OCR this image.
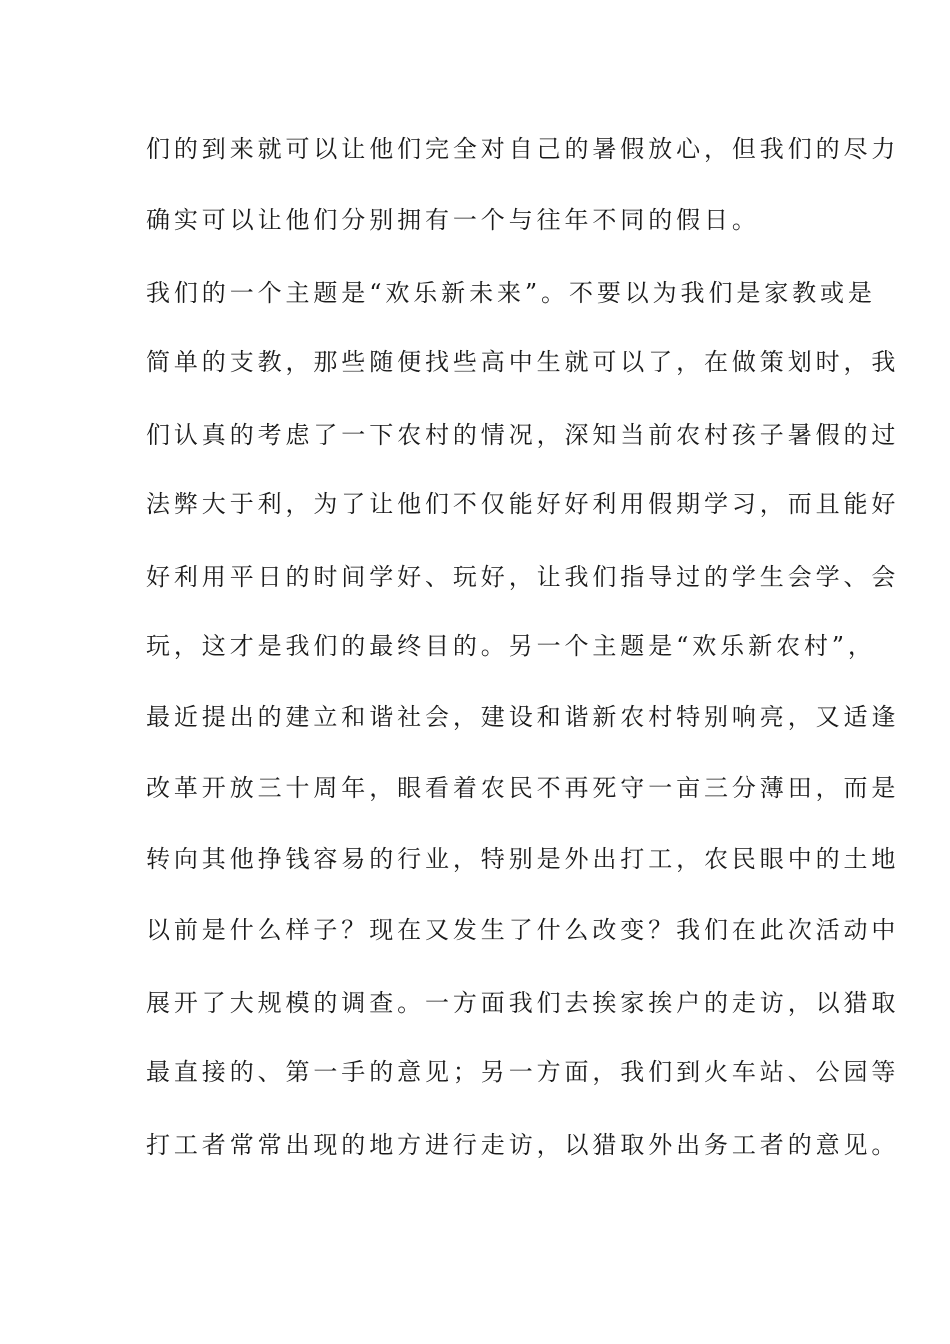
们的到来就可以让他们完全对自己的暑假放心，但我们的尽力
确实可以让他们分别拥有一个与往年不同的假日。
我们的一个主题是“欢乐新未来”。不要以为我们是家教或是
简单的支教，那些随便找些高中生就可以了，在做策划时，我
们认真的考虑了一下农村的情况，深知当前农村孩子暑假的过
法弊大于利，为了让他们不仅能好好利用假期学习，而且能好
好利用平日的时间学好、玩好，让我们指导过的学生会学、会
玩，这才是我们的最终目的。另一个主题是“欢乐新农村”，
最近提出的建立和谐社会，建设和谐新农村特别响亮，又适逢
改革开放三十周年，眼看着农民不再死守一亩三分薄田，而是
转向其他挣钱容易的行业，特别是外出打工，农民眼中的土地
以前是什么样子？现在又发生了什么改变？我们在此次活动中
展开了大规模的调查。一方面我们去挨家挨户的走访，以猎取
最直接的、第一手的意见；另一方面，我们到火车站、公园等
打工者常常出现的地方进行走访，以猎取外出务工者的意见。
